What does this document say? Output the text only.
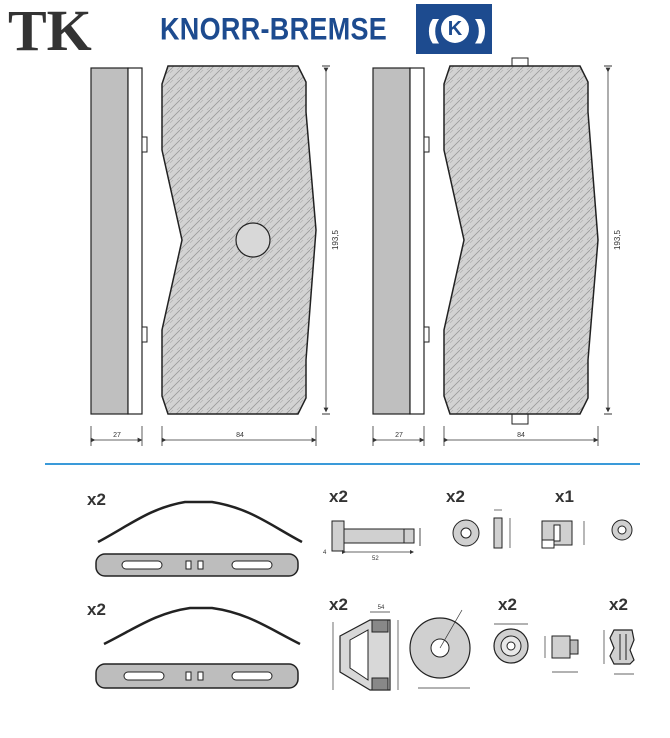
193,5
27	84
193,5
27	84
x2
x2
x2
52
4
x2	x1
x2	54	x2	x2
TK	KNORR-BREMSE (( K ))
